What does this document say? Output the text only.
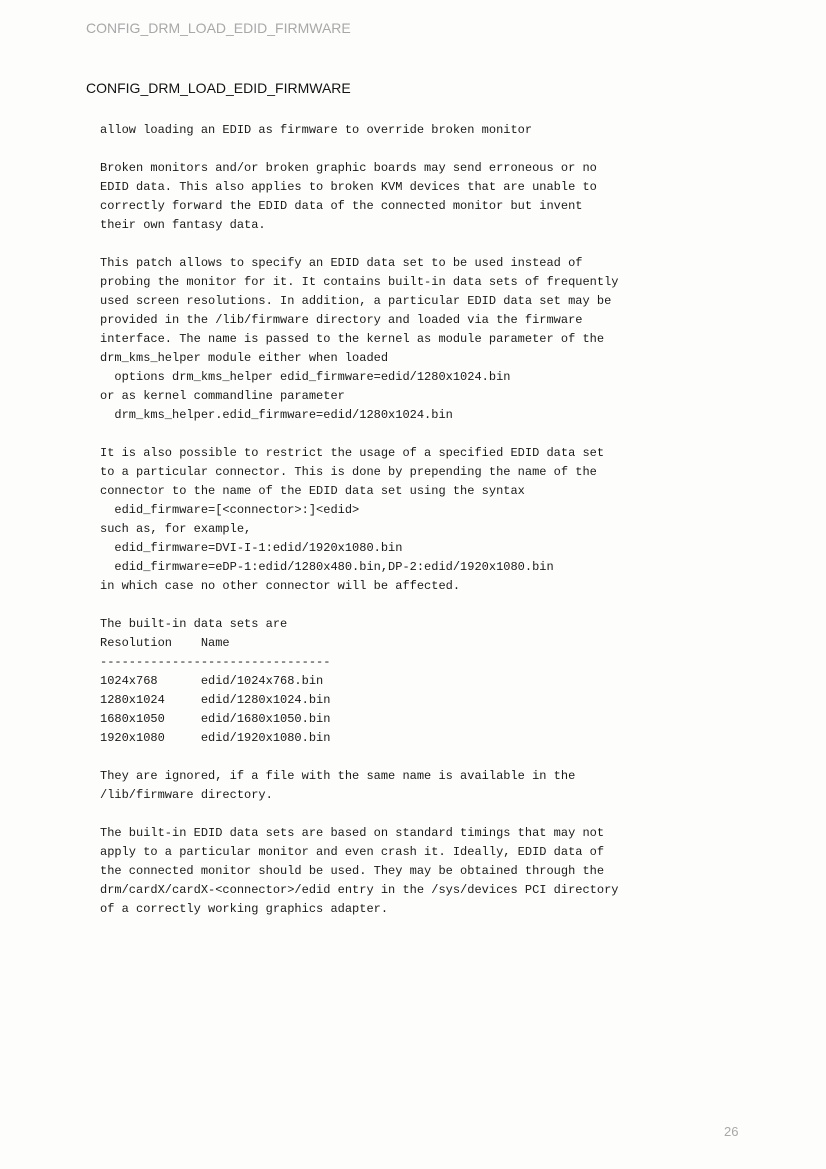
CONFIG_DRM_LOAD_EDID_FIRMWARE
CONFIG_DRM_LOAD_EDID_FIRMWARE
allow loading an EDID as firmware to override broken monitor

Broken monitors and/or broken graphic boards may send erroneous or no
EDID data. This also applies to broken KVM devices that are unable to
correctly forward the EDID data of the connected monitor but invent
their own fantasy data.

This patch allows to specify an EDID data set to be used instead of
probing the monitor for it. It contains built-in data sets of frequently
used screen resolutions. In addition, a particular EDID data set may be
provided in the /lib/firmware directory and loaded via the firmware
interface. The name is passed to the kernel as module parameter of the
drm_kms_helper module either when loaded
options drm_kms_helper edid_firmware=edid/1280x1024.bin
or as kernel commandline parameter
drm_kms_helper.edid_firmware=edid/1280x1024.bin

It is also possible to restrict the usage of a specified EDID data set
to a particular connector. This is done by prepending the name of the
connector to the name of the EDID data set using the syntax
edid_firmware=[<connector>:]<edid>
such as, for example,
edid_firmware=DVI-I-1:edid/1920x1080.bin
edid_firmware=eDP-1:edid/1280x480.bin,DP-2:edid/1920x1080.bin
in which case no other connector will be affected.

The built-in data sets are
Resolution    Name
--------------------------------
1024x768      edid/1024x768.bin
1280x1024     edid/1280x1024.bin
1680x1050     edid/1680x1050.bin
1920x1080     edid/1920x1080.bin

They are ignored, if a file with the same name is available in the
/lib/firmware directory.

The built-in EDID data sets are based on standard timings that may not
apply to a particular monitor and even crash it. Ideally, EDID data of
the connected monitor should be used. They may be obtained through the
drm/cardX/cardX-<connector>/edid entry in the /sys/devices PCI directory
of a correctly working graphics adapter.
26
